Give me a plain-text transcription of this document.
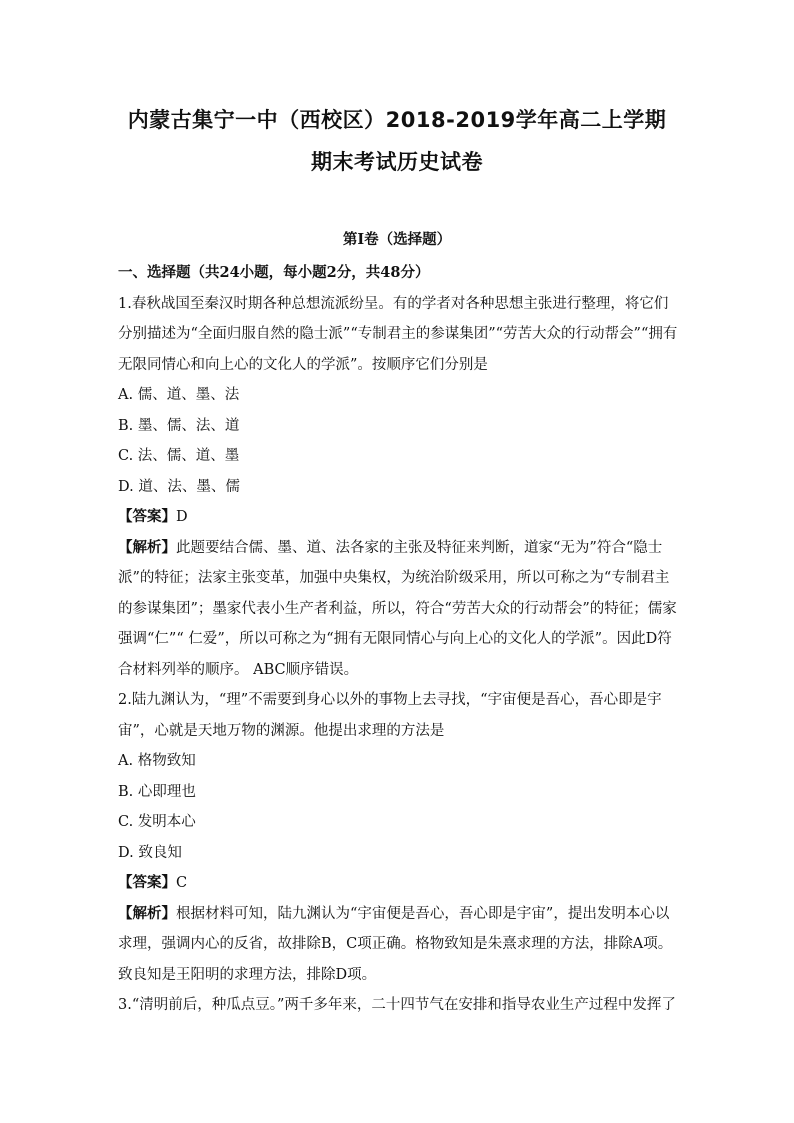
内蒙古集宁一中（西校区）2018-2019学年高二上学期
期末考试历史试卷
第Ⅰ卷（选择题）

一、选择题（共24小题，每小题2分，共48分）

1.春秋战国至秦汉时期各种总想流派纷呈。有的学者对各种思想主张进行整理，将它们分别描述为“全面归服自然的隐士派”“专制君主的参谋集团”“劳苦大众的行动帮会”“拥有无限同情心和向上心的文化人的学派”。按顺序它们分别是

A. 儒、道、墨、法

B. 墨、儒、法、道

C. 法、儒、道、墨

D. 道、法、墨、儒

【答案】D

【解析】此题要结合儒、墨、道、法各家的主张及特征来判断，道家“无为”符合“隐士派”的特征；法家主张变革，加强中央集权，为统治阶级采用，所以可称之为“专制君主的参谋集团”；墨家代表小生产者利益，所以，符合“劳苦大众的行动帮会”的特征；儒家强调“仁”“ 仁爱”，所以可称之为“拥有无限同情心与向上心的文化人的学派”。因此D符合材料列举的顺序。 ABC顺序错误。

2.陆九渊认为，“理”不需要到身心以外的事物上去寻找，“宇宙便是吾心，吾心即是宇宙”，心就是天地万物的渊源。他提出求理的方法是

A. 格物致知

B. 心即理也

C. 发明本心

D. 致良知

【答案】C

【解析】根据材料可知，陆九渊认为“宇宙便是吾心，吾心即是宇宙”，提出发明本心以求理，强调内心的反省，故排除B，C项正确。格物致知是朱熹求理的方法，排除A项。致良知是王阳明的求理方法，排除D项。

3.“清明前后，种瓜点豆。”两千多年来，二十四节气在安排和指导农业生产过程中发挥了
